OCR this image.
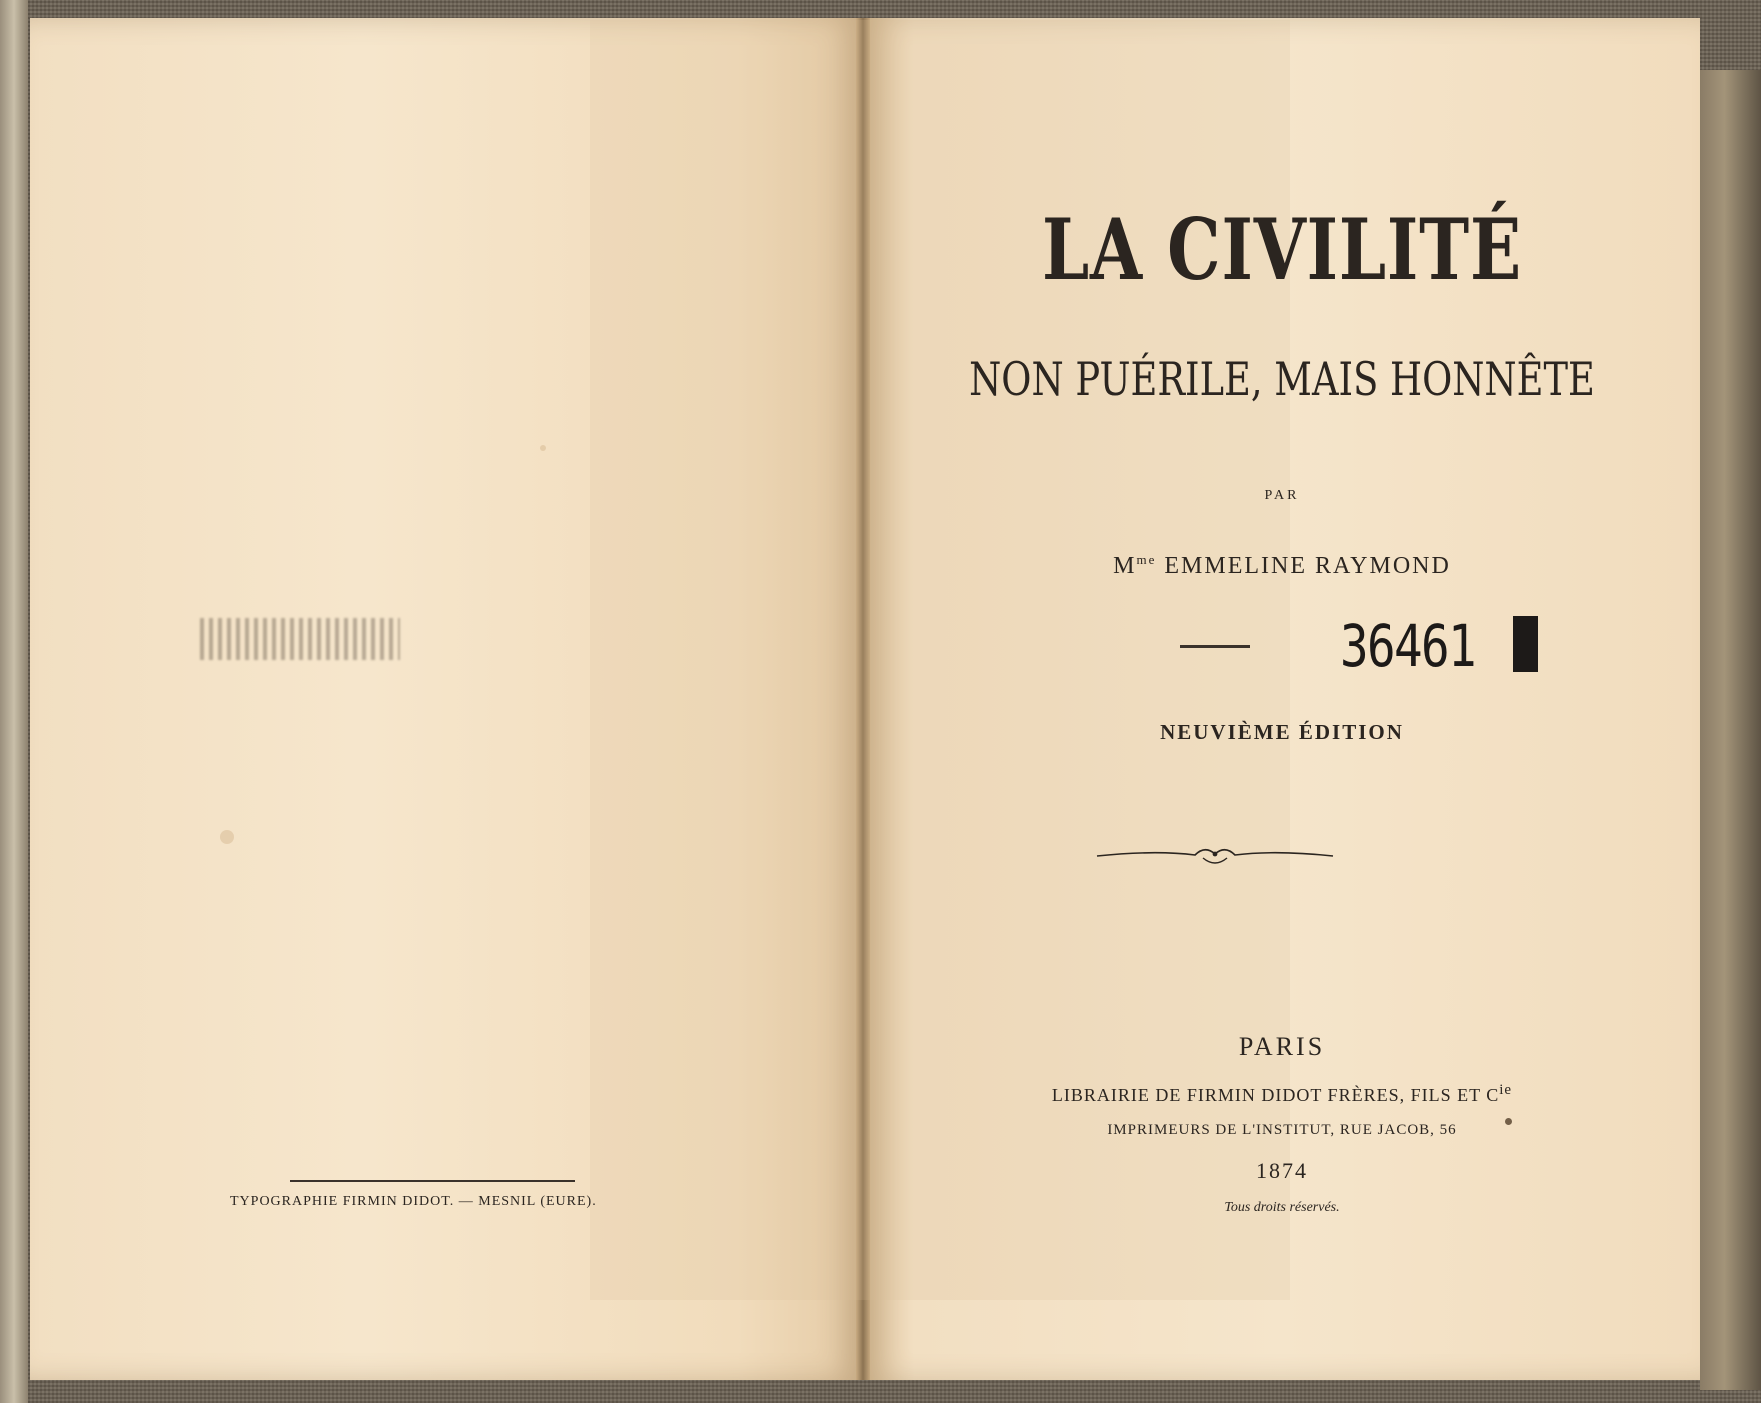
TYPOGRAPHIE FIRMIN DIDOT. — MESNIL (EURE).
LA CIVILITÉ
NON PUÉRILE, MAIS HONNÊTE
PAR
$M^{me}$ EMMELINE RAYMOND
36461
NEUVIÈME ÉDITION
PARIS
LIBRAIRIE DE FIRMIN DIDOT FRÈRES, FILS ET $C^{ie}$
IMPRIMEURS DE L'INSTITUT, RUE JACOB, 56
1874
Tous droits réservés.
